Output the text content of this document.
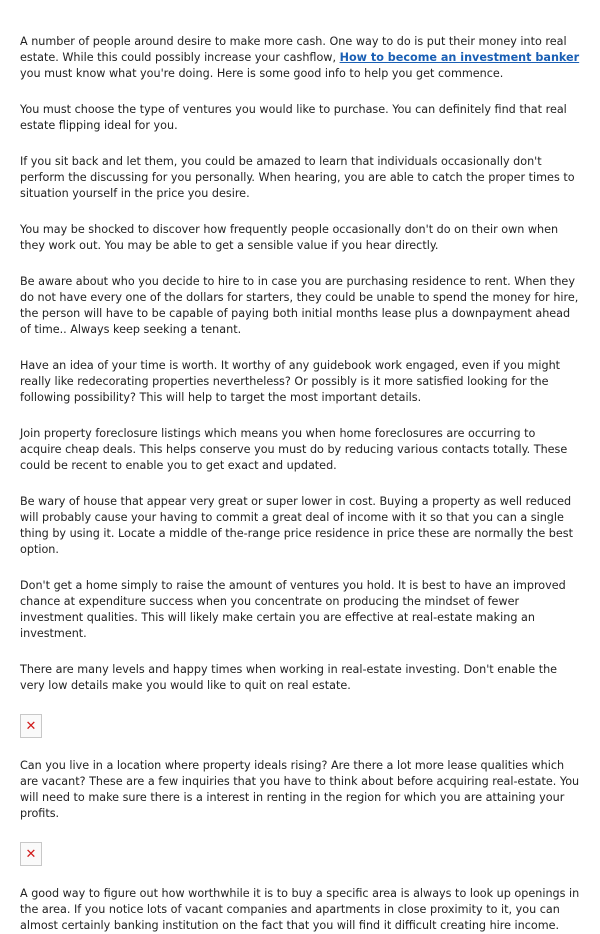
A number of people around desire to make more cash. One way to do is put their money into real estate. While this could possibly increase your cashflow, How to become an investment banker you must know what you're doing. Here is some good info to help you get commence.

You must choose the type of ventures you would like to purchase. You can definitely find that real estate flipping ideal for you.

If you sit back and let them, you could be amazed to learn that individuals occasionally don't perform the discussing for you personally. When hearing, you are able to catch the proper times to situation yourself in the price you desire.

You may be shocked to discover how frequently people occasionally don't do on their own when they work out. You may be able to get a sensible value if you hear directly.

Be aware about who you decide to hire to in case you are purchasing residence to rent. When they do not have every one of the dollars for starters, they could be unable to spend the money for hire, the person will have to be capable of paying both initial months lease plus a downpayment ahead of time.. Always keep seeking a tenant.

Have an idea of your time is worth. It worthy of any guidebook work engaged, even if you might really like redecorating properties nevertheless? Or possibly is it more satisfied looking for the following possibility? This will help to target the most important details.

Join property foreclosure listings which means you when home foreclosures are occurring to acquire cheap deals. This helps conserve you must do by reducing various contacts totally. These could be recent to enable you to get exact and updated.

Be wary of house that appear very great or super lower in cost. Buying a property as well reduced will probably cause your having to commit a great deal of income with it so that you can a single thing by using it. Locate a middle of the-range price residence in price these are normally the best option.

Don't get a home simply to raise the amount of ventures you hold. It is best to have an improved chance at expenditure success when you concentrate on producing the mindset of fewer investment qualities. This will likely make certain you are effective at real-estate making an investment.

There are many levels and happy times when working in real-estate investing. Don't enable the very low details make you would like to quit on real estate.

✕

Can you live in a location where property ideals rising? Are there a lot more lease qualities which are vacant? These are a few inquiries that you have to think about before acquiring real-estate. You will need to make sure there is a interest in renting in the region for which you are attaining your profits.

✕

A good way to figure out how worthwhile it is to buy a specific area is always to look up openings in the area. If you notice lots of vacant companies and apartments in close proximity to it, you can almost certainly banking institution on the fact that you will find it difficult creating hire income.
